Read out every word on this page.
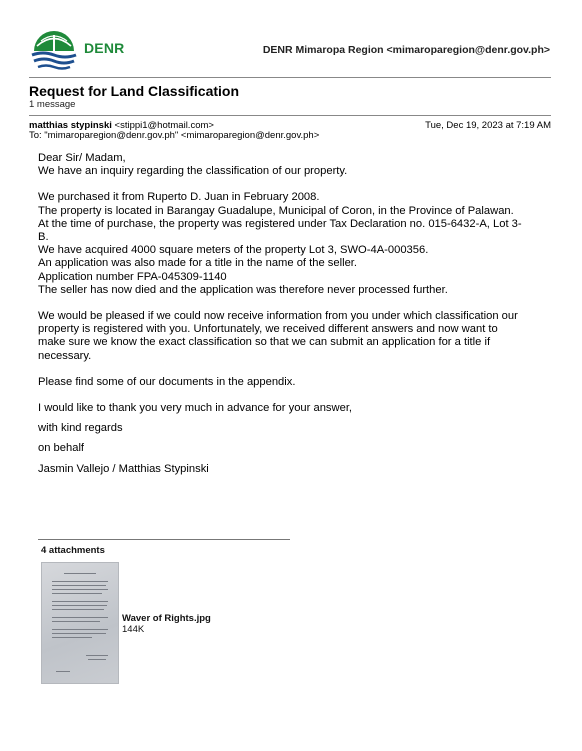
DENR	DENR Mimaropa Region <mimaroparegion@denr.gov.ph>
Request for Land Classification
1 message
matthias stypinski <stippi1@hotmail.com>	Tue, Dec 19, 2023 at 7:19 AM
To: "mimaroparegion@denr.gov.ph" <mimaroparegion@denr.gov.ph>

Dear Sir/ Madam,

We have an inquiry regarding the classification of our property.

We purchased it from Ruperto D. Juan in February 2008.

The property is located in Barangay Guadalupe, Municipal of Coron, in the Province of Palawan.

At the time of purchase, the property was registered under Tax Declaration no. 015-6432-A, Lot 3-

B.

We have acquired 4000 square meters of the property Lot 3, SWO-4A-000356.

An application was also made for a title in the name of the seller.

Application number FPA-045309-1140

The seller has now died and the application was therefore never processed further.

We would be pleased if we could now receive information from you under which classification our

property is registered with you. Unfortunately, we received different answers and now want to

make sure we know the exact classification so that we can submit an application for a title if

necessary.

Please find some of our documents in the appendix.

I would like to thank you very much in advance for your answer,

with kind regards

on behalf

Jasmin Vallejo / Matthias Stypinski

4 attachments
Waver of Rights.jpg
144K
